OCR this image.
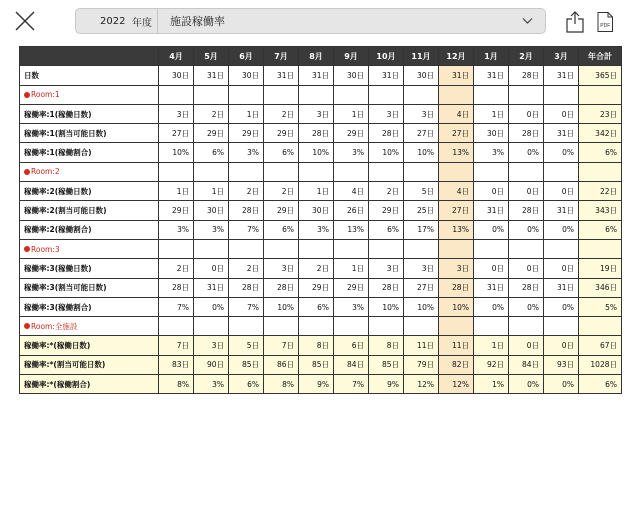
2022 年度 施設稼働率	PDF
	4月	5月	6月	7月	8月	9月	10月	11月	12月	1月	2月	3月	年合計
日数	30日	31日	30日	31日	31日	30日	31日	30日	31日	31日	28日	31日	365日
Room:1													
稼働率:1(稼働日数)	3日	2日	1日	2日	3日	1日	3日	3日	4日	1日	0日	0日	23日
稼働率:1(割当可能日数)	27日	29日	29日	29日	28日	29日	28日	27日	27日	30日	28日	31日	342日
稼働率:1(稼働割合)	10%	6%	3%	6%	10%	3%	10%	10%	13%	3%	0%	0%	6%
Room:2													
稼働率:2(稼働日数)	1日	1日	2日	2日	1日	4日	2日	5日	4日	0日	0日	0日	22日
稼働率:2(割当可能日数)	29日	30日	28日	29日	30日	26日	29日	25日	27日	31日	28日	31日	343日
稼働率:2(稼働割合)	3%	3%	7%	6%	3%	13%	6%	17%	13%	0%	0%	0%	6%
Room:3													
稼働率:3(稼働日数)	2日	0日	2日	3日	2日	1日	3日	3日	3日	0日	0日	0日	19日
稼働率:3(割当可能日数)	28日	31日	28日	28日	29日	29日	28日	27日	28日	31日	28日	31日	346日
稼働率:3(稼働割合)	7%	0%	7%	10%	6%	3%	10%	10%	10%	0%	0%	0%	5%
Room:全施設													
稼働率:*(稼働日数)	7日	3日	5日	7日	8日	6日	8日	11日	11日	1日	0日	0日	67日
稼働率:*(割当可能日数)	83日	90日	85日	86日	85日	84日	85日	79日	82日	92日	84日	93日	1028日
稼働率:*(稼働割合)	8%	3%	6%	8%	9%	7%	9%	12%	12%	1%	0%	0%	6%
